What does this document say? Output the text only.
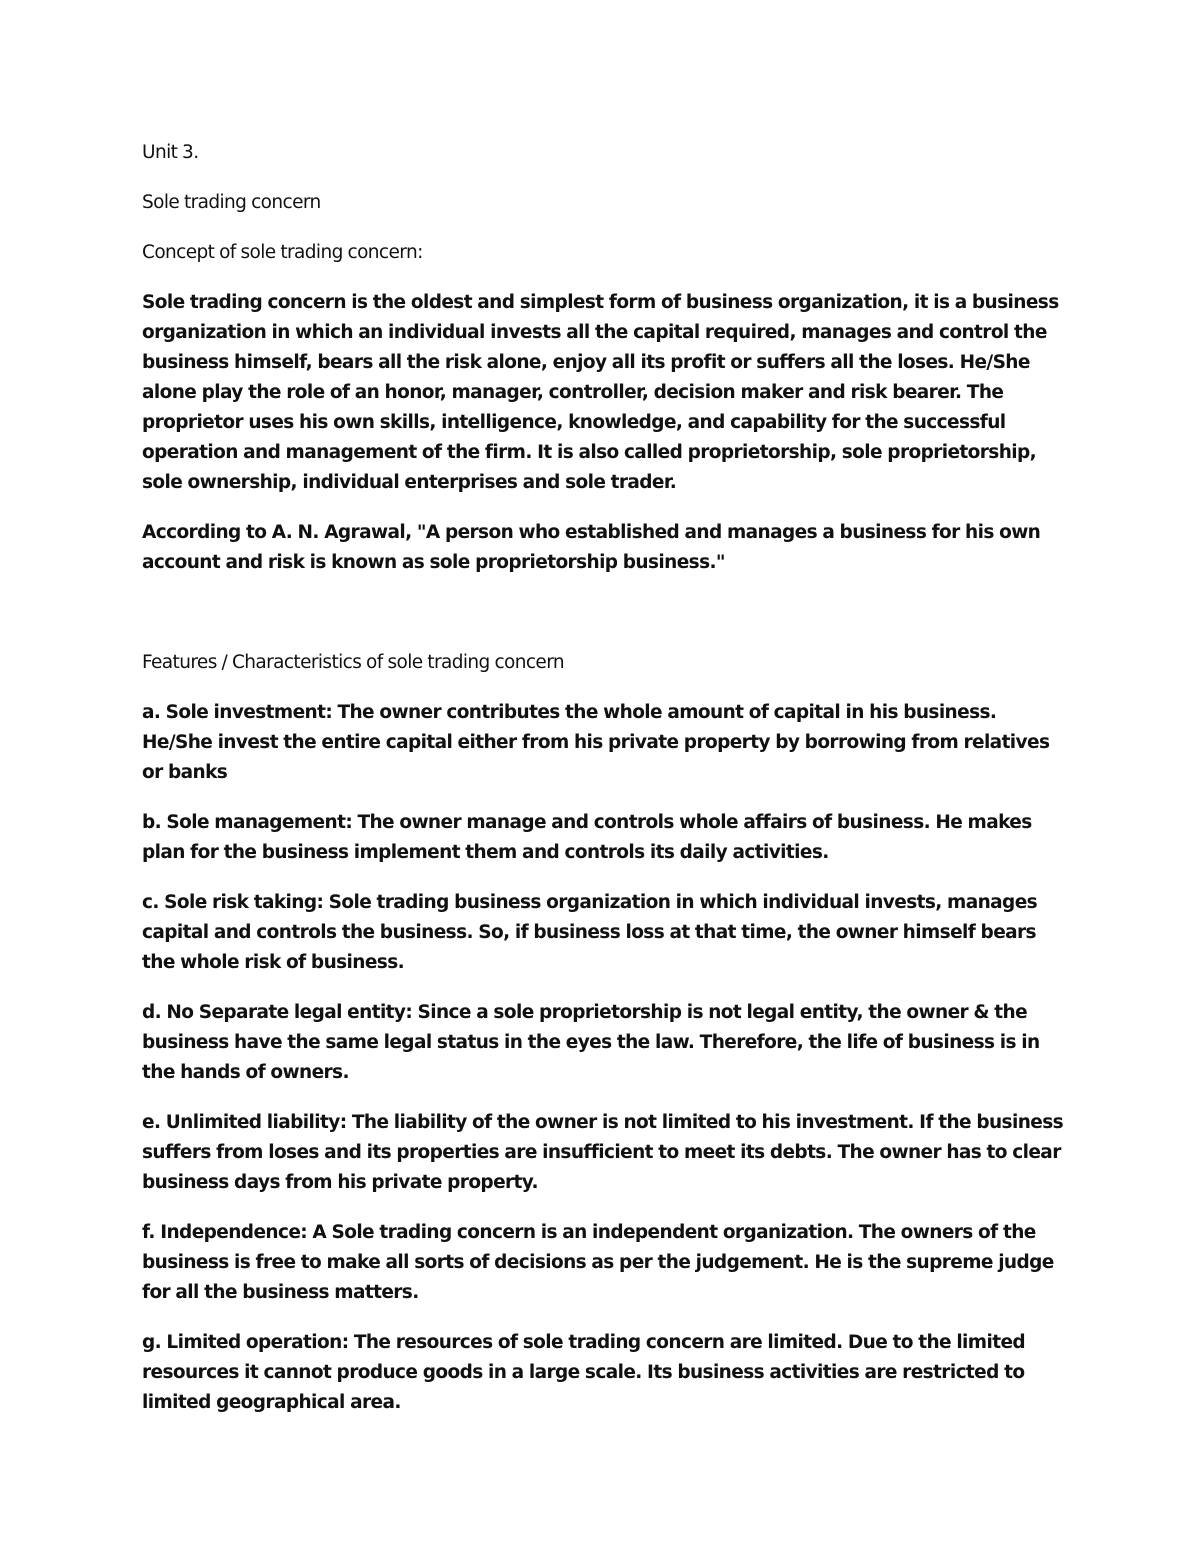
Unit 3.

Sole trading concern

Concept of sole trading concern:

Sole trading concern is the oldest and simplest form of business organization, it is a business organization in which an individual invests all the capital required, manages and control the business himself, bears all the risk alone, enjoy all its profit or suffers all the loses. He/She alone play the role of an honor, manager, controller, decision maker and risk bearer. The proprietor uses his own skills, intelligence, knowledge, and capability for the successful operation and management of the firm. It is also called proprietorship, sole proprietorship, sole ownership, individual enterprises and sole trader.

According to A. N. Agrawal, "A person who established and manages a business for his own account and risk is known as sole proprietorship business."

Features / Characteristics of sole trading concern

a. Sole investment: The owner contributes the whole amount of capital in his business. He/She invest the entire capital either from his private property by borrowing from relatives or banks

b. Sole management: The owner manage and controls whole affairs of business. He makes plan for the business implement them and controls its daily activities.

c. Sole risk taking: Sole trading business organization in which individual invests, manages capital and controls the business. So, if business loss at that time, the owner himself bears the whole risk of business.

d. No Separate legal entity: Since a sole proprietorship is not legal entity, the owner & the business have the same legal status in the eyes the law. Therefore, the life of business is in the hands of owners.

e. Unlimited liability: The liability of the owner is not limited to his investment. If the business suffers from loses and its properties are insufficient to meet its debts. The owner has to clear business days from his private property.

f. Independence: A Sole trading concern is an independent organization. The owners of the business is free to make all sorts of decisions as per the judgement. He is the supreme judge for all the business matters.

g. Limited operation: The resources of sole trading concern are limited. Due to the limited resources it cannot produce goods in a large scale. Its business activities are restricted to limited geographical area.
